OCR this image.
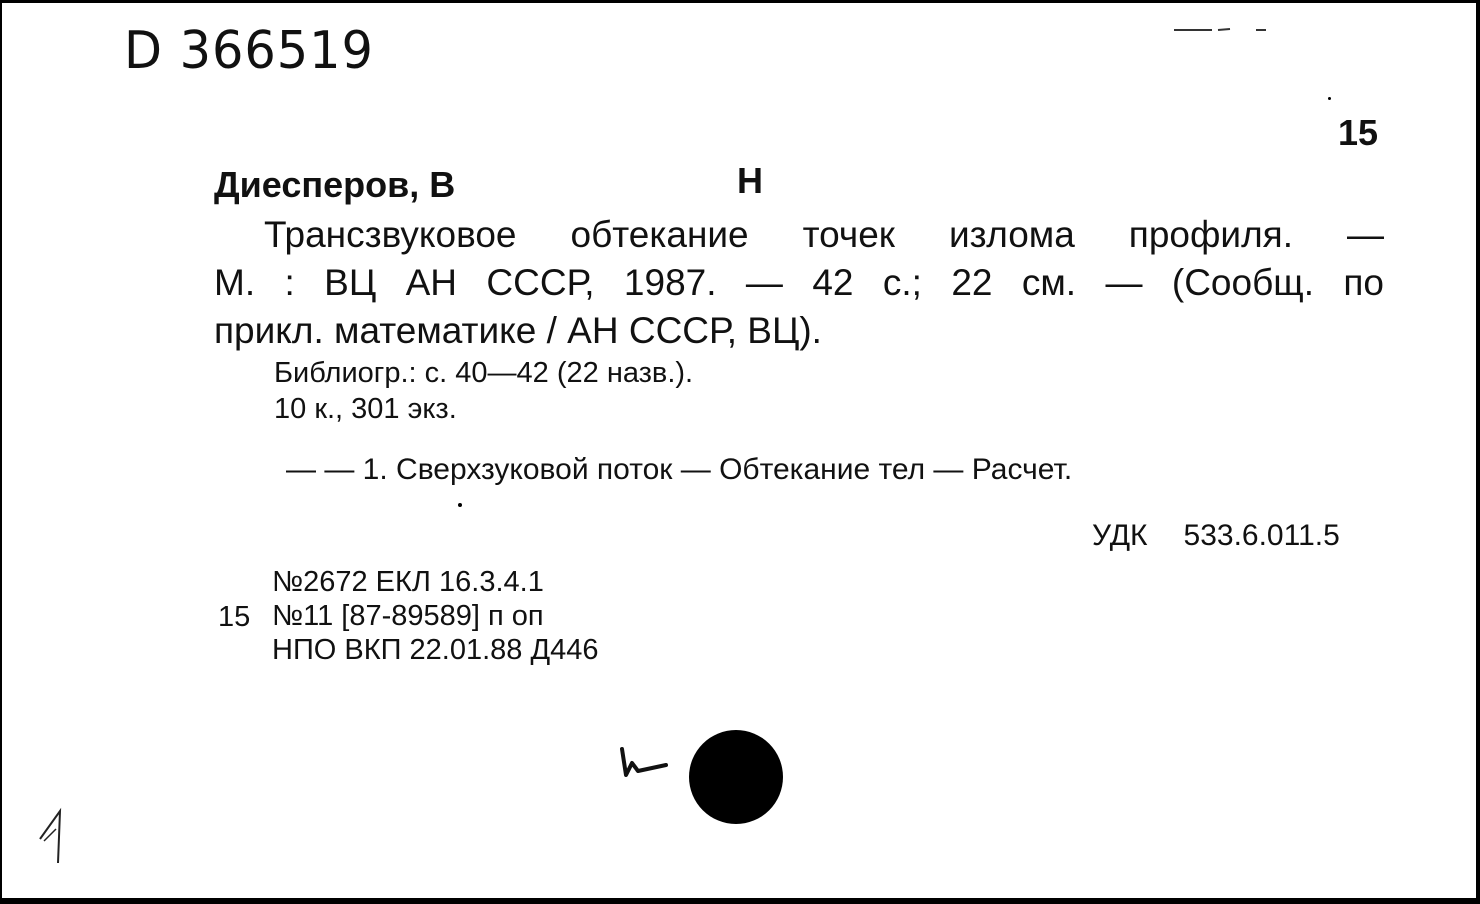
D 366519
15
Диесперов, В	Н
Трансзвуковое обтекание точек излома профиля. —
М. : ВЦ АН СССР, 1987. — 42 с.; 22 см. — (Сообщ. по
прикл. математике / АН СССР, ВЦ).
Библиогр.: с. 40—42 (22 назв.).
10 к., 301 экз.
— — 1. Сверхзуковой поток — Обтекание тел — Расчет.
УДК 533.6.011.5
№2672 ЕКЛ 16.3.4.1
№11 [87-89589] п оп
НПО ВКП 22.01.88 Д446
15
